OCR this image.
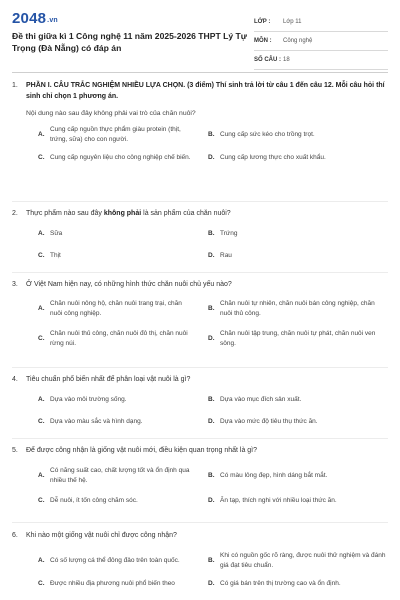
2048.vn
Đề thi giữa kì 1 Công nghệ 11 năm 2025-2026 THPT Lý Tự Trọng (Đà Nẵng) có đáp án
LỚP :	Lớp 11
MÔN :	Công nghệ
SỐ CÂU : 18
1.	PHẦN I. CÂU TRẮC NGHIỆM NHIỀU LỰA CHỌN. (3 điểm) Thí sinh trả lời từ câu 1 đến câu 12. Mỗi câu hỏi thí sinh chỉ chọn 1 phương án.
Nội dung nào sau đây không phải vai trò của chăn nuôi?
A.
Cung cấp nguồn thực phẩm giàu protein (thịt, trứng, sữa) cho con người.
B. Cung cấp sức kéo cho trồng trọt.
C. Cung cấp nguyên liệu cho công nghiệp chế biến.	D. Cung cấp lương thực cho xuất khẩu.
2.	Thực phẩm nào sau đây không phải là sản phẩm của chăn nuôi?
A. Sữa	B. Trứng
C. Thịt	D. Rau
3.	Ở Việt Nam hiện nay, có những hình thức chăn nuôi chủ yếu nào?
A.
Chăn nuôi nông hộ, chăn nuôi trang trại, chăn nuôi công nghiệp.
B.
Chăn nuôi tự nhiên, chăn nuôi bán công nghiệp, chăn nuôi thủ công.
C.
Chăn nuôi thủ công, chăn nuôi đô thị, chăn nuôi rừng núi.
D.
Chăn nuôi tập trung, chăn nuôi tự phát, chăn nuôi ven sông.
4.	Tiêu chuẩn phổ biến nhất để phân loại vật nuôi là gì?
A. Dựa vào môi trường sống.	B. Dựa vào mục đích sản xuất.
C. Dựa vào màu sắc và hình dạng.	D. Dựa vào mức độ tiêu thụ thức ăn.
5.	Để được công nhận là giống vật nuôi mới, điều kiện quan trọng nhất là gì?
A.
Có năng suất cao, chất lượng tốt và ổn định qua nhiều thế hệ.
B. Có màu lông đẹp, hình dáng bắt mắt.
C. Dễ nuôi, ít tốn công chăm sóc.	D. Ăn tạp, thích nghi với nhiều loại thức ăn.
6.	Khi nào một giống vật nuôi chỉ được công nhận?
A. Có số lượng cá thể đông đảo trên toàn quốc.	B.
Khi có nguồn gốc rõ ràng, được nuôi thử nghiệm và đánh giá đạt tiêu chuẩn.
C. Được nhiều địa phương nuôi phổ biến theo	D. Có giá bán trên thị trường cao và ổn định.
